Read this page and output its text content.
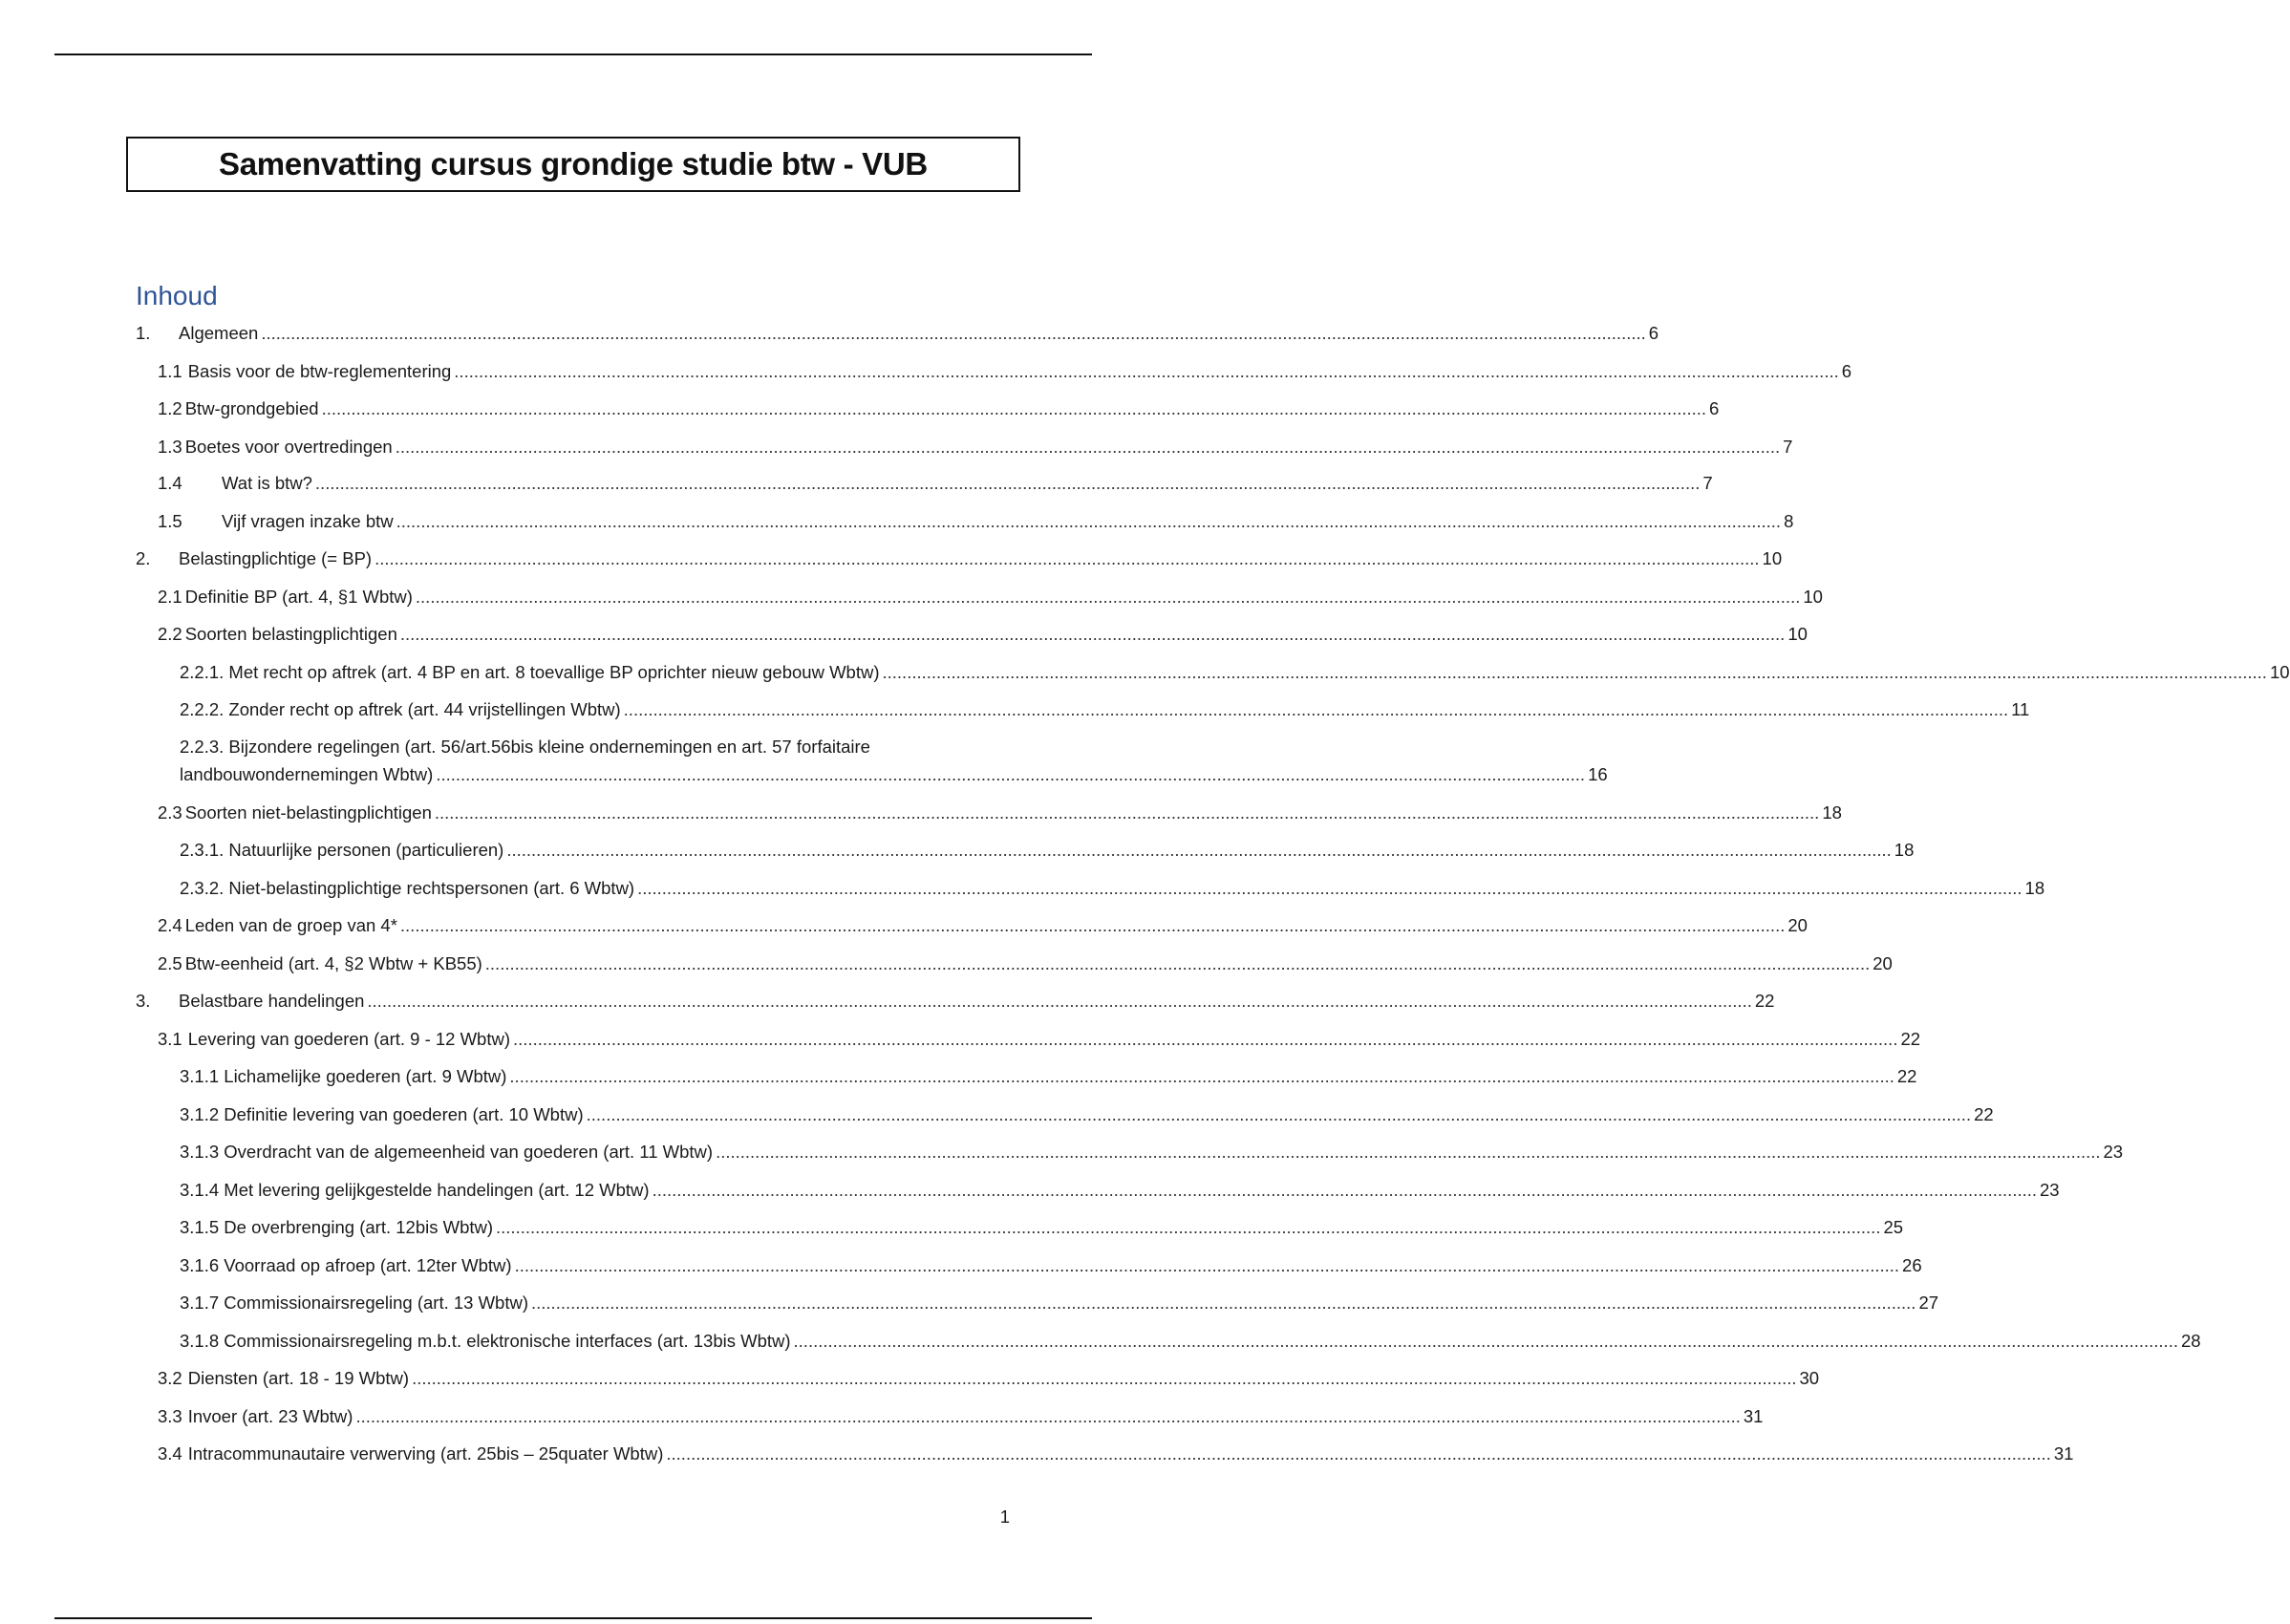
Samenvatting cursus grondige studie btw - VUB
Inhoud
1.	Algemeen .....	6
1.1 Basis voor de btw-reglementering .....	6
1.2 Btw-grondgebied .....	6
1.3 Boetes voor overtredingen .....	7
1.4	Wat is btw? .....	7
1.5	Vijf vragen inzake btw .....	8
2.	Belastingplichtige (= BP) .....	10
2.1 Definitie BP (art. 4, §1 Wbtw) .....	10
2.2 Soorten belastingplichtigen .....	10
2.2.1. Met recht op aftrek (art. 4 BP en art. 8 toevallige BP oprichter nieuw gebouw Wbtw) .....	10
2.2.2. Zonder recht op aftrek (art. 44 vrijstellingen Wbtw) .....	11
2.2.3. Bijzondere regelingen (art. 56/art.56bis kleine ondernemingen en art. 57 forfaitaire
landbouwondernemingen Wbtw) .......................................................................................................................................................................................................................................... 16
2.3 Soorten niet-belastingplichtigen .....	18
2.3.1. Natuurlijke personen (particulieren) .....	18
2.3.2. Niet-belastingplichtige rechtspersonen (art. 6 Wbtw) .....	18
2.4 Leden van de groep van 4* .....	20
2.5 Btw-eenheid (art. 4, §2 Wbtw + KB55) .....	20
3.	Belastbare handelingen .....	22
3.1 Levering van goederen (art. 9 - 12 Wbtw) .....	22
3.1.1 Lichamelijke goederen (art. 9 Wbtw) .....	22
3.1.2 Definitie levering van goederen (art. 10 Wbtw) .....	22
3.1.3 Overdracht van de algemeenheid van goederen (art. 11 Wbtw) .....	23
3.1.4 Met levering gelijkgestelde handelingen (art. 12 Wbtw) .....	23
3.1.5 De overbrenging (art. 12bis Wbtw) .....	25
3.1.6 Voorraad op afroep (art. 12ter Wbtw) .....	26
3.1.7 Commissionairsregeling (art. 13 Wbtw) .....	27
3.1.8 Commissionairsregeling m.b.t. elektronische interfaces (art. 13bis Wbtw) .....	28
3.2 Diensten (art. 18 - 19 Wbtw) .....	30
3.3 Invoer (art. 23 Wbtw) .....	31
3.4 Intracommunautaire verwerving (art. 25bis – 25quater Wbtw) .....	31
1
